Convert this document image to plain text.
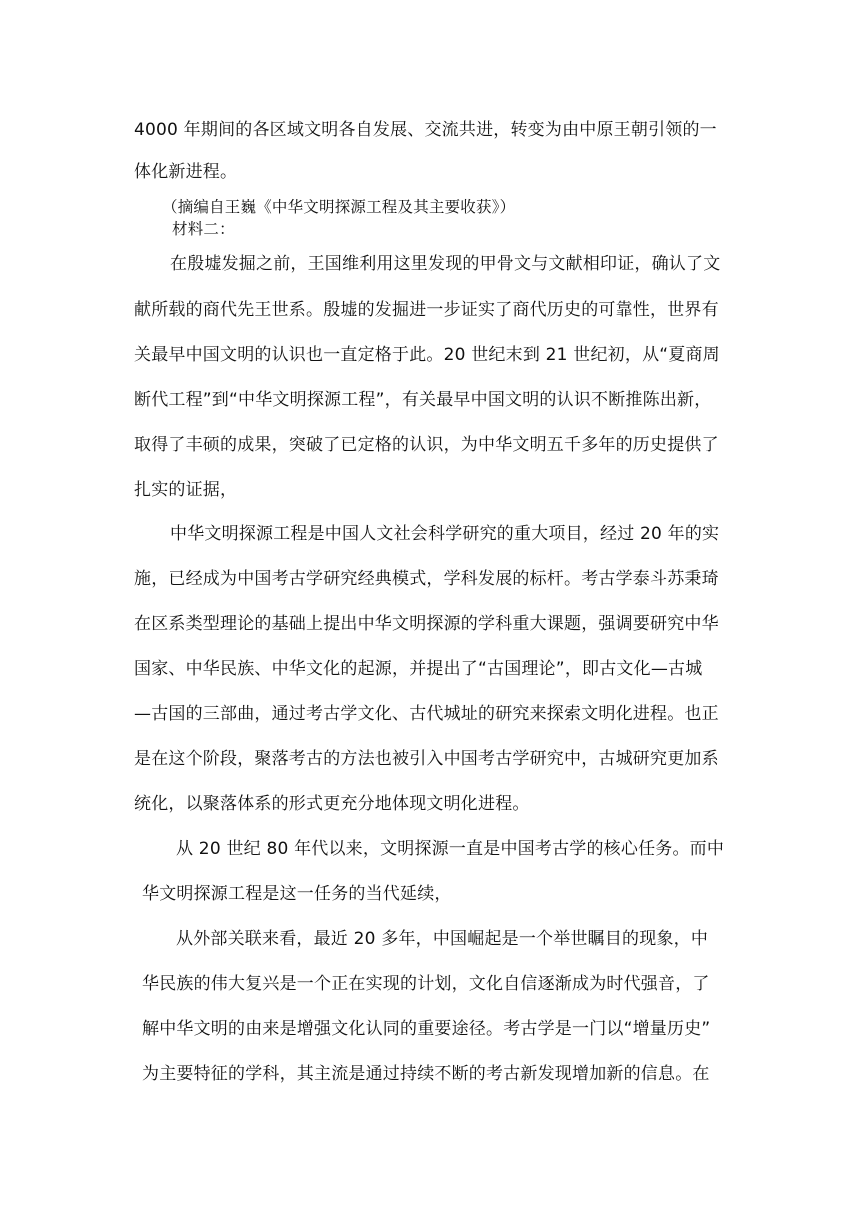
4000 年期间的各区域文明各自发展、交流共进，转变为由中原王朝引领的一
体化新进程。
（摘编自王巍《中华文明探源工程及其主要收获》）
材料二：
在殷墟发掘之前，王国维利用这里发现的甲骨文与文献相印证，确认了文
献所载的商代先王世系。殷墟的发掘进一步证实了商代历史的可靠性，世界有
关最早中国文明的认识也一直定格于此。20 世纪末到 21 世纪初，从“夏商周
断代工程”到“中华文明探源工程”，有关最早中国文明的认识不断推陈出新，
取得了丰硕的成果，突破了已定格的认识，为中华文明五千多年的历史提供了
扎实的证据，
中华文明探源工程是中国人文社会科学研究的重大项目，经过 20 年的实
施，已经成为中国考古学研究经典模式，学科发展的标杆。考古学泰斗苏秉琦
在区系类型理论的基础上提出中华文明探源的学科重大课题，强调要研究中华
国家、中华民族、中华文化的起源，并提出了“古国理论”，即古文化—古城
—古国的三部曲，通过考古学文化、古代城址的研究来探索文明化进程。也正
是在这个阶段，聚落考古的方法也被引入中国考古学研究中，古城研究更加系
统化，以聚落体系的形式更充分地体现文明化进程。
从 20 世纪 80 年代以来，文明探源一直是中国考古学的核心任务。而中
华文明探源工程是这一任务的当代延续，
从外部关联来看，最近 20 多年，中国崛起是一个举世瞩目的现象，中
华民族的伟大复兴是一个正在实现的计划，文化自信逐渐成为时代强音，了
解中华文明的由来是增强文化认同的重要途径。考古学是一门以“增量历史”
为主要特征的学科，其主流是通过持续不断的考古新发现增加新的信息。在
